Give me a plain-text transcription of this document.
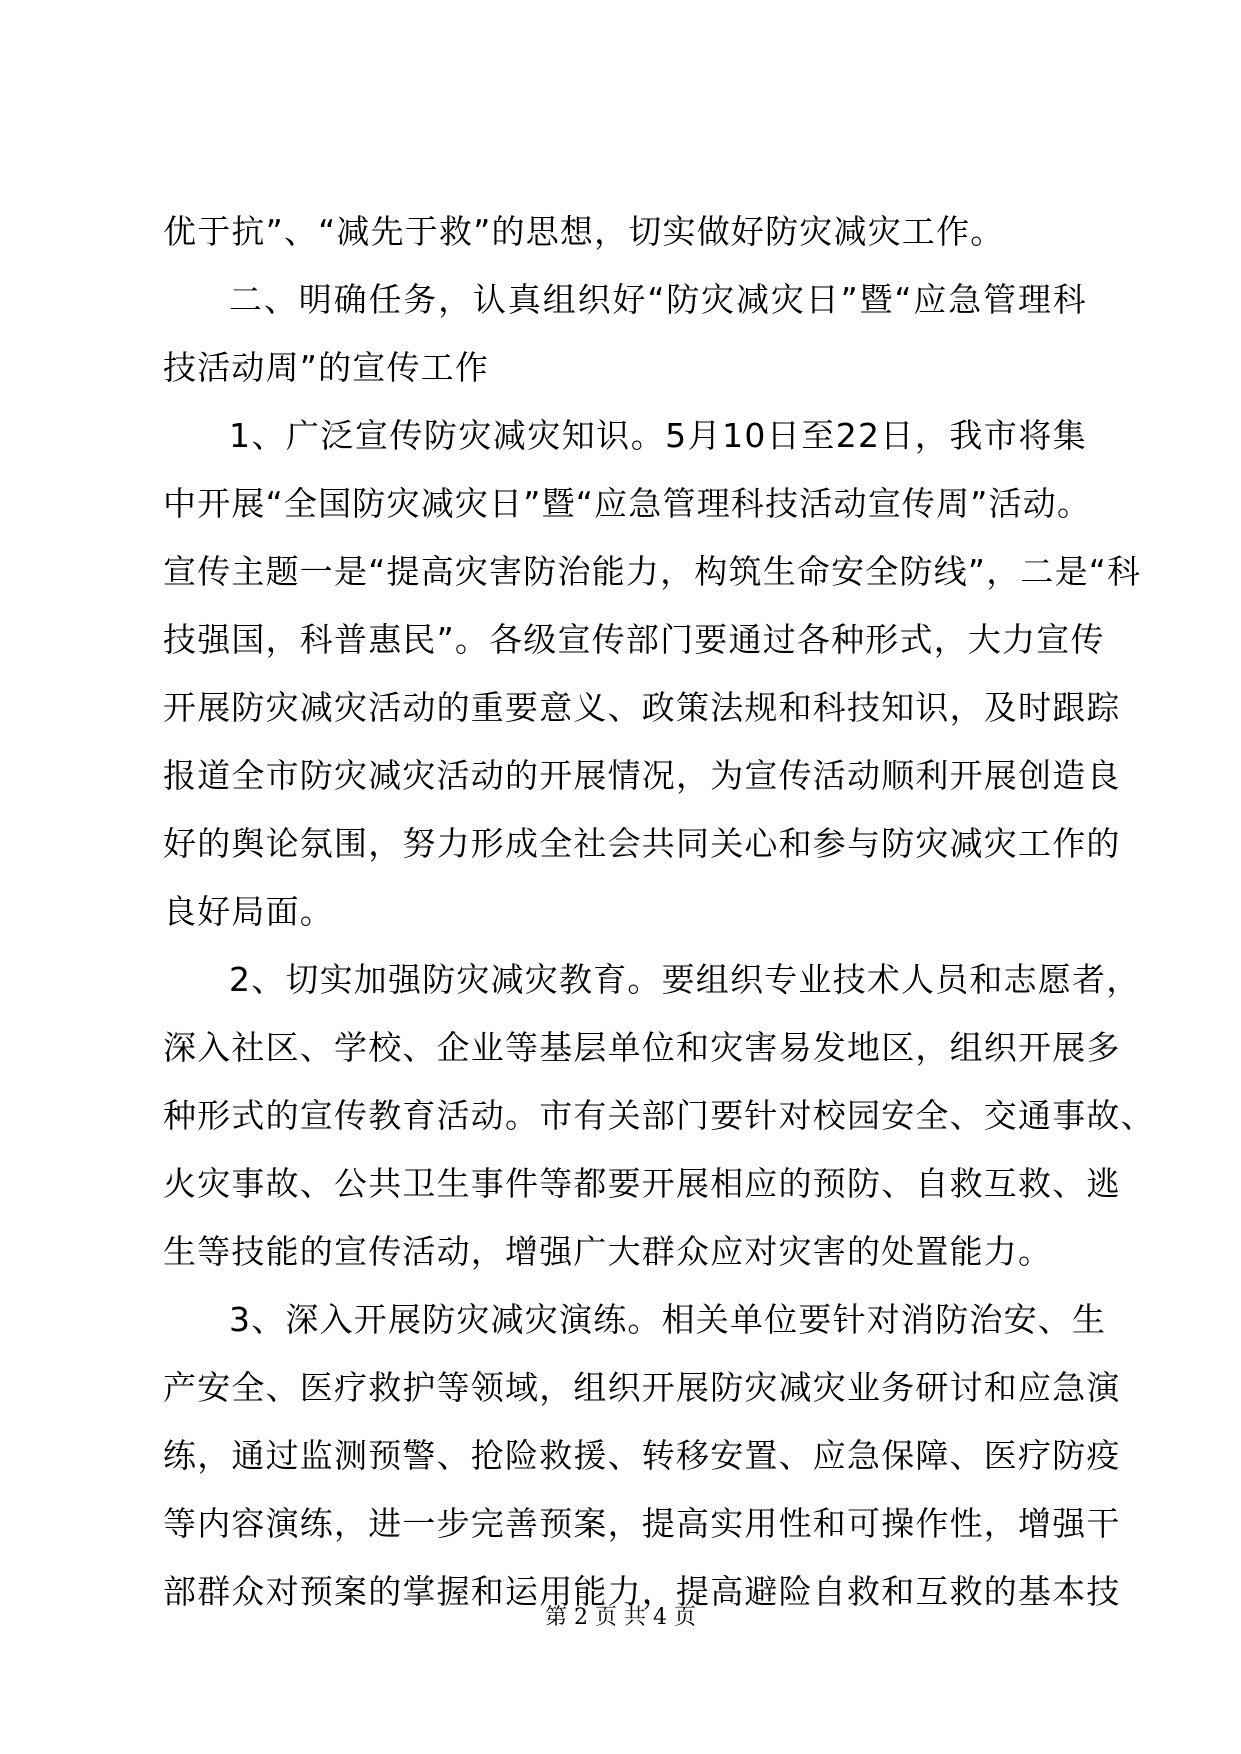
优于抗”、“减先于救”的思想，切实做好防灾减灾工作。
二、明确任务，认真组织好“防灾减灾日”暨“应急管理科
技活动周”的宣传工作
1、广泛宣传防灾减灾知识。5月10日至22日，我市将集
中开展“全国防灾减灾日”暨“应急管理科技活动宣传周”活动。
宣传主题一是“提高灾害防治能力，构筑生命安全防线”，二是“科
技强国，科普惠民”。各级宣传部门要通过各种形式，大力宣传
开展防灾减灾活动的重要意义、政策法规和科技知识，及时跟踪
报道全市防灾减灾活动的开展情况，为宣传活动顺利开展创造良
好的舆论氛围，努力形成全社会共同关心和参与防灾减灾工作的
良好局面。
2、切实加强防灾减灾教育。要组织专业技术人员和志愿者，
深入社区、学校、企业等基层单位和灾害易发地区，组织开展多
种形式的宣传教育活动。市有关部门要针对校园安全、交通事故、
火灾事故、公共卫生事件等都要开展相应的预防、自救互救、逃
生等技能的宣传活动，增强广大群众应对灾害的处置能力。
3、深入开展防灾减灾演练。相关单位要针对消防治安、生
产安全、医疗救护等领域，组织开展防灾减灾业务研讨和应急演
练，通过监测预警、抢险救援、转移安置、应急保障、医疗防疫
等内容演练，进一步完善预案，提高实用性和可操作性，增强干
部群众对预案的掌握和运用能力，提高避险自救和互救的基本技
第 2 页 共 4 页
